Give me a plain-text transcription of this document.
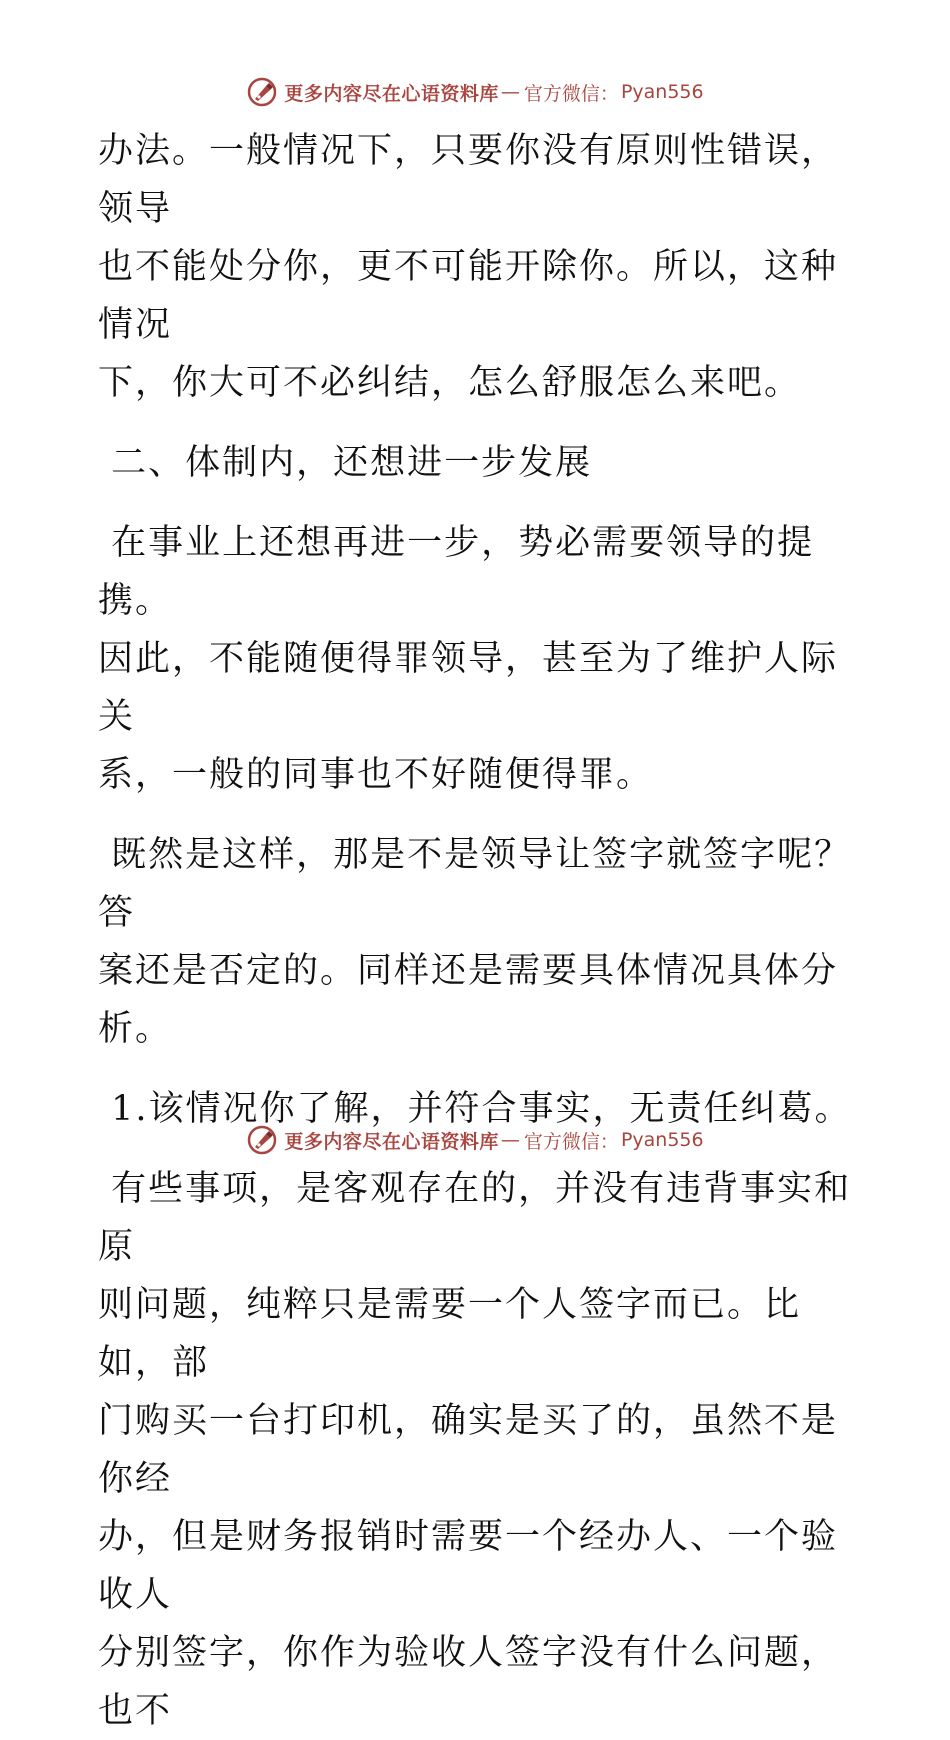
更多内容尽在心语资料库 — 官方微信： Pyan556

办法。一般情况下，只要你没有原则性错误，领导

也不能处分你，更不可能开除你。所以，这种情况

下，你大可不必纠结，怎么舒服怎么来吧。

二、体制内，还想进一步发展

在事业上还想再进一步，势必需要领导的提携。

因此，不能随便得罪领导，甚至为了维护人际关

系，一般的同事也不好随便得罪。

既然是这样，那是不是领导让签字就签字呢？答

案还是否定的。同样还是需要具体情况具体分析。

1.该情况你了解，并符合事实，无责任纠葛。

有些事项，是客观存在的，并没有违背事实和原

则问题，纯粹只是需要一个人签字而已。比如，部

门购买一台打印机，确实是买了的，虽然不是你经

办，但是财务报销时需要一个经办人、一个验收人

分别签字，你作为验收人签字没有什么问题，也不

更多内容尽在心语资料库 — 官方微信： Pyan556
